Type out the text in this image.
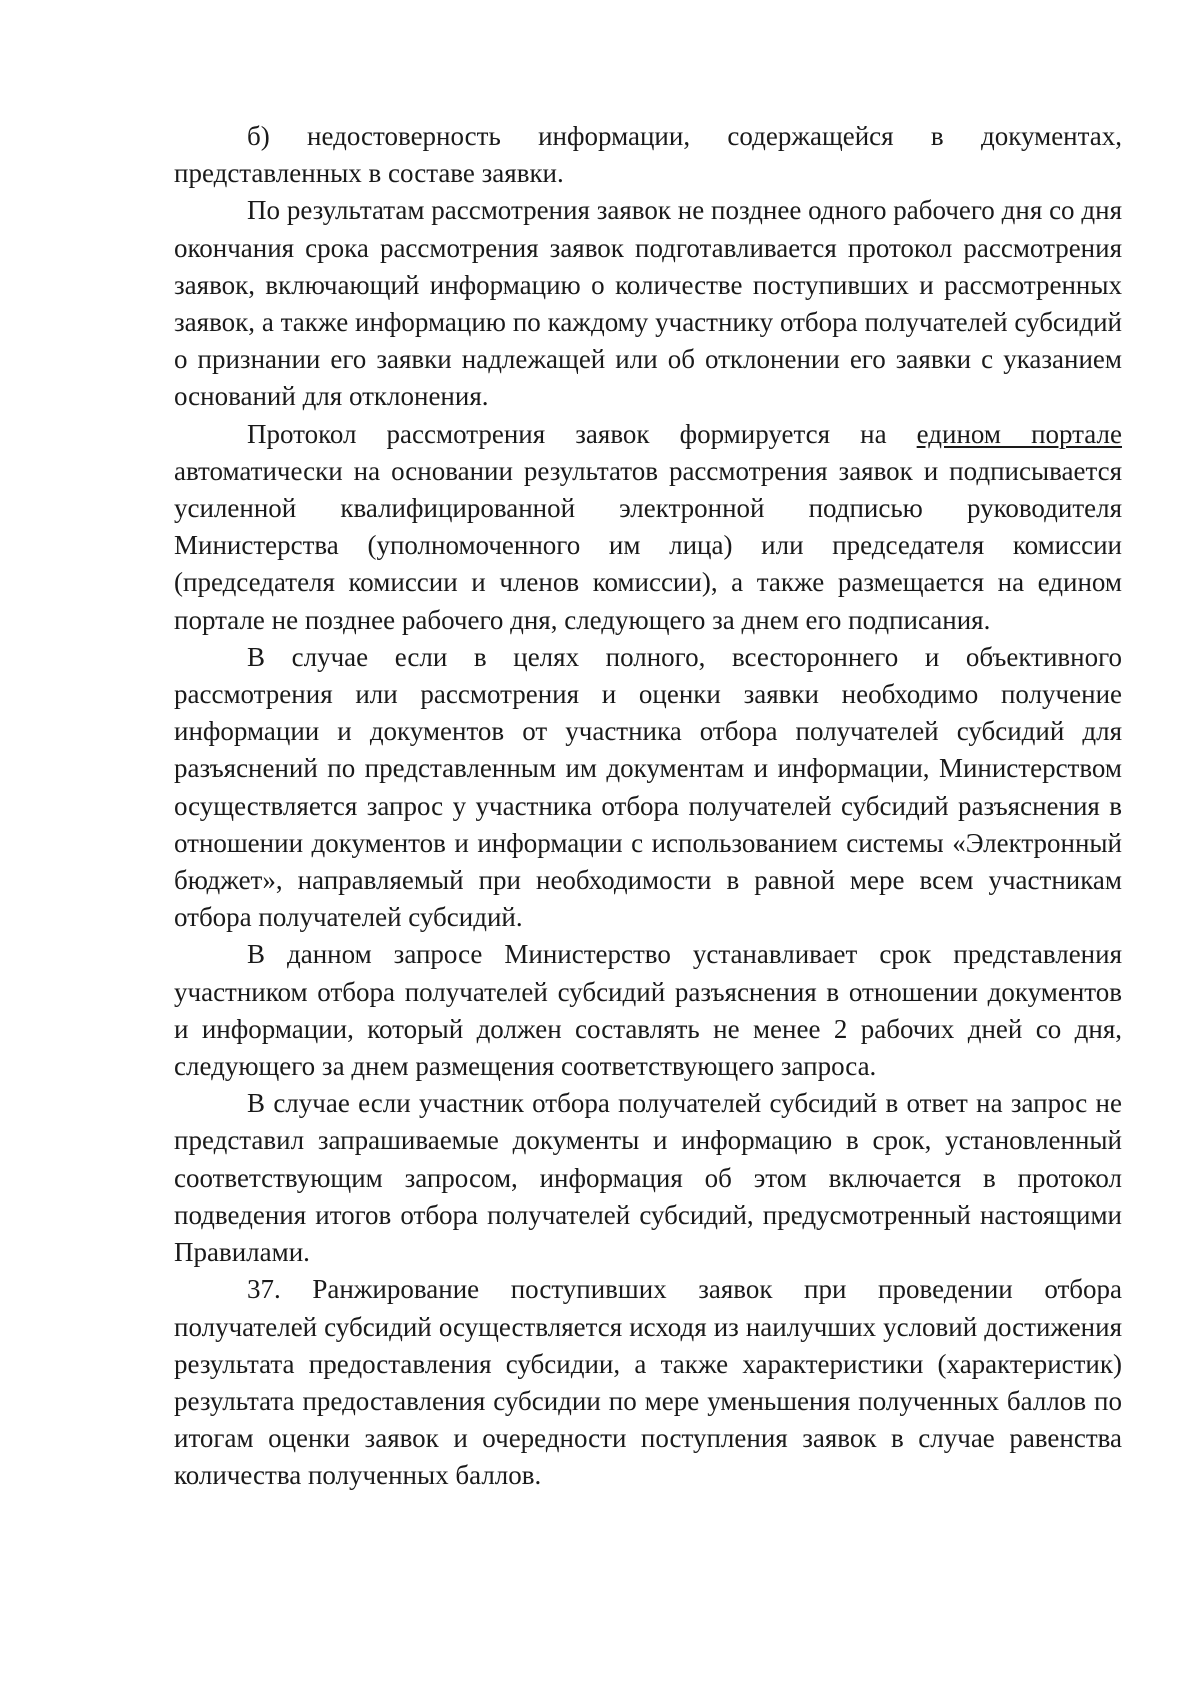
б) недостоверность информации, содержащейся в документах, представленных в составе заявки.

По результатам рассмотрения заявок не позднее одного рабочего дня со дня окончания срока рассмотрения заявок подготавливается протокол рассмотрения заявок, включающий информацию о количестве поступивших и рассмотренных заявок, а также информацию по каждому участнику отбора получателей субсидий о признании его заявки надлежащей или об отклонении его заявки с указанием оснований для отклонения.

Протокол рассмотрения заявок формируется на едином портале автоматически на основании результатов рассмотрения заявок и подписывается усиленной квалифицированной электронной подписью руководителя Министерства (уполномоченного им лица) или председателя комиссии (председателя комиссии и членов комиссии), а также размещается на едином портале не позднее рабочего дня, следующего за днем его подписания.

В случае если в целях полного, всестороннего и объективного рассмотрения или рассмотрения и оценки заявки необходимо получение информации и документов от участника отбора получателей субсидий для разъяснений по представленным им документам и информации, Министерством осуществляется запрос у участника отбора получателей субсидий разъяснения в отношении документов и информации с использованием системы «Электронный бюджет», направляемый при необходимости в равной мере всем участникам отбора получателей субсидий.

В данном запросе Министерство устанавливает срок представления участником отбора получателей субсидий разъяснения в отношении документов и информации, который должен составлять не менее 2 рабочих дней со дня, следующего за днем размещения соответствующего запроса.

В случае если участник отбора получателей субсидий в ответ на запрос не представил запрашиваемые документы и информацию в срок, установленный соответствующим запросом, информация об этом включается в протокол подведения итогов отбора получателей субсидий, предусмотренный настоящими Правилами.

37. Ранжирование поступивших заявок при проведении отбора получателей субсидий осуществляется исходя из наилучших условий достижения результата предоставления субсидии, а также характеристики (характеристик) результата предоставления субсидии по мере уменьшения полученных баллов по итогам оценки заявок и очередности поступления заявок в случае равенства количества полученных баллов.
